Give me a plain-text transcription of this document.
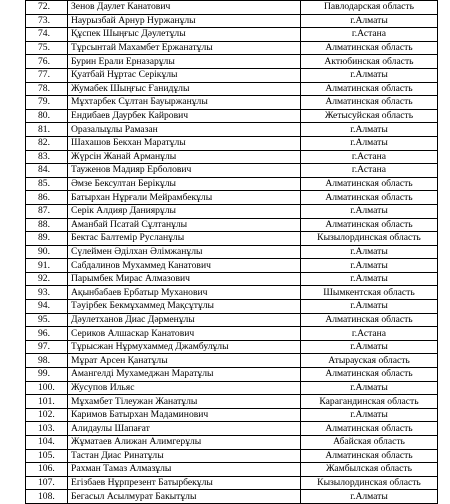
72.	Зенов Даулет Канатович	Павлодарская область
73.	Наурызбай Арнур Нуржанұлы	г.Алматы
74.	Құспек Шыңғыс Дәулетұлы	г.Астана
75.	Тұрсынтай Махамбет Ержанатұлы	Алматинская область
76.	Бурин Ерали Ерназарұлы	Актюбинская область
77.	Қуатбай Нұртас Серікұлы	г.Алматы
78.	Жумабек Шыңғыс Ғанидұлы	Алматинская область
79.	Мұхтарбек Сұлтан Бауыржанұлы	Алматинская область
80.	Ендибаев Даурбек Кайрович	Жетысуйская область
81.	Оразалыұлы Рамазан	г.Алматы
82.	Шахашов Бекхан Маратұлы	г.Алматы
83.	Жүрсін Жанай Арманұлы	г.Астана
84.	Тауженов Мадияр Ерболович	г.Астана
85.	Әмзе Бексултан Берікұлы	Алматинская область
86.	Батырхан Нұрғали Мейрамбекұлы	Алматинская область
87.	Серік Алдияр Даниярұлы	г.Алматы
88.	Аманбай Псатай Сұлтанұлы	Алматинская область
89.	Бектас Балтемір Русланұлы	Кызылординская область
90.	Сүлеймен Әділхан Әлімжанұлы	г.Алматы
91.	Сабдалинов Мухаммед Канатович	г.Алматы
92.	Парымбек Мирас Алмазович	г.Алматы
93.	Ақынбабаев Ербатыр Муханович	Шымкентская область
94.	Тәуірбек Бекмұхаммед Мақсұтұлы	г.Алматы
95.	Дәулетханов Диас Дәрменұлы	Алматинская область
96.	Сериков Алшаскар Канатович	г.Астана
97.	Тұрысжан Нұрмухаммед Джамбулұлы	г.Алматы
98.	Мұрат Арсен Қанатұлы	Атырауская область
99.	Амангелді Мухамеджан Маратұлы	Алматинская область
100.	Жусупов Ильяс	г.Алматы
101.	Мұхамбет Тілеужан Жанатұлы	Карагандинская область
102.	Каримов Батырхан Мадаминович	г.Алматы
103.	Алидаулы Шапағат	Алматинская область
104.	Жұматаев Алижан Алимгерұлы	Абайская область
105.	Тастан Диас Ринатұлы	Алматинская область
106.	Рахман Тамаз Алмазұлы	Жамбылская область
107.	Егізбаев Нұрпрезент Батырбекұлы	Кызылординская область
108.	Бегасыл Асылмурат Бакытұлы	г.Алматы
